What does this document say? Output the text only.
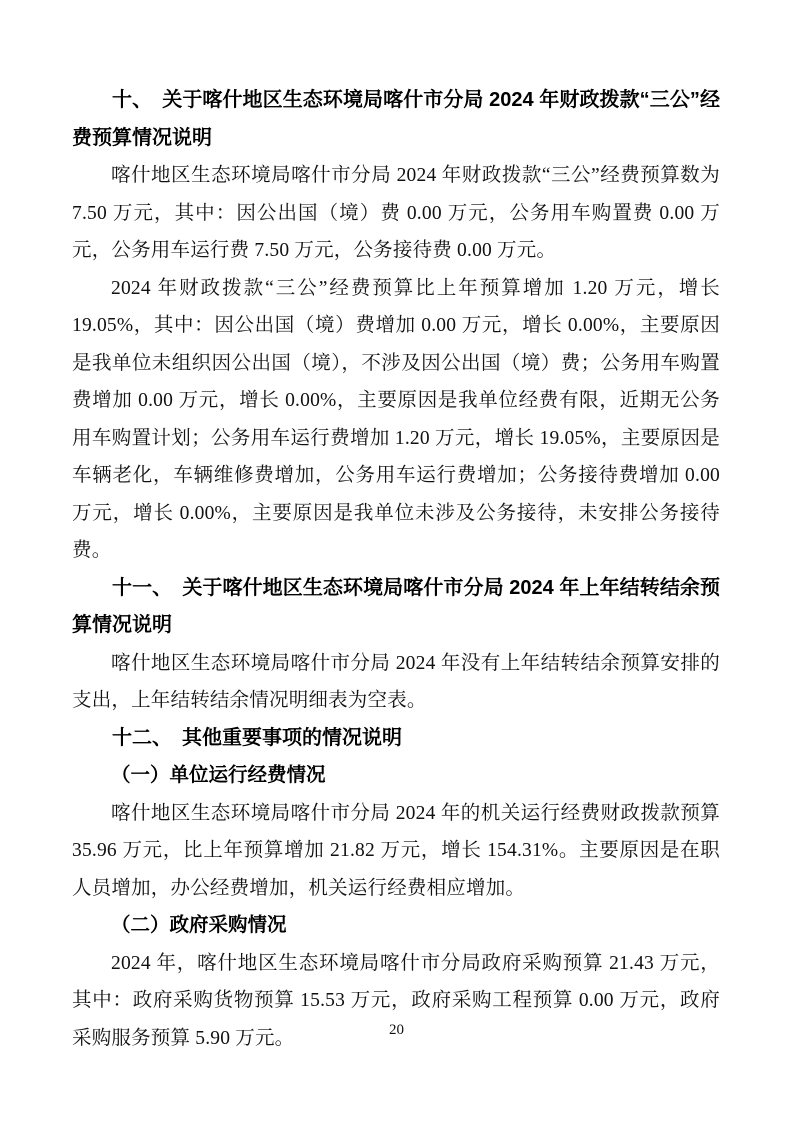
十、　关于喀什地区生态环境局喀什市分局 2024 年财政拨款“三公”经费预算情况说明

喀什地区生态环境局喀什市分局 2024 年财政拨款“三公”经费预算数为 7.50 万元，其中：因公出国（境）费 0.00 万元，公务用车购置费 0.00 万元，公务用车运行费 7.50 万元，公务接待费 0.00 万元。

2024 年财政拨款“三公”经费预算比上年预算增加 1.20 万元，增长 19.05%，其中：因公出国（境）费增加 0.00 万元，增长 0.00%，主要原因是我单位未组织因公出国（境），不涉及因公出国（境）费；公务用车购置费增加 0.00 万元，增长 0.00%，主要原因是我单位经费有限，近期无公务用车购置计划；公务用车运行费增加 1.20 万元，增长 19.05%，主要原因是车辆老化，车辆维修费增加，公务用车运行费增加；公务接待费增加 0.00 万元，增长 0.00%，主要原因是我单位未涉及公务接待，未安排公务接待费。

十一、　关于喀什地区生态环境局喀什市分局 2024 年上年结转结余预算情况说明

喀什地区生态环境局喀什市分局 2024 年没有上年结转结余预算安排的支出，上年结转结余情况明细表为空表。

十二、　其他重要事项的情况说明
（一）单位运行经费情况

喀什地区生态环境局喀什市分局 2024 年的机关运行经费财政拨款预算 35.96 万元，比上年预算增加 21.82 万元，增长 154.31%。主要原因是在职人员增加，办公经费增加，机关运行经费相应增加。

（二）政府采购情况

2024 年，喀什地区生态环境局喀什市分局政府采购预算 21.43 万元，其中：政府采购货物预算 15.53 万元，政府采购工程预算 0.00 万元，政府采购服务预算 5.90 万元。	20
